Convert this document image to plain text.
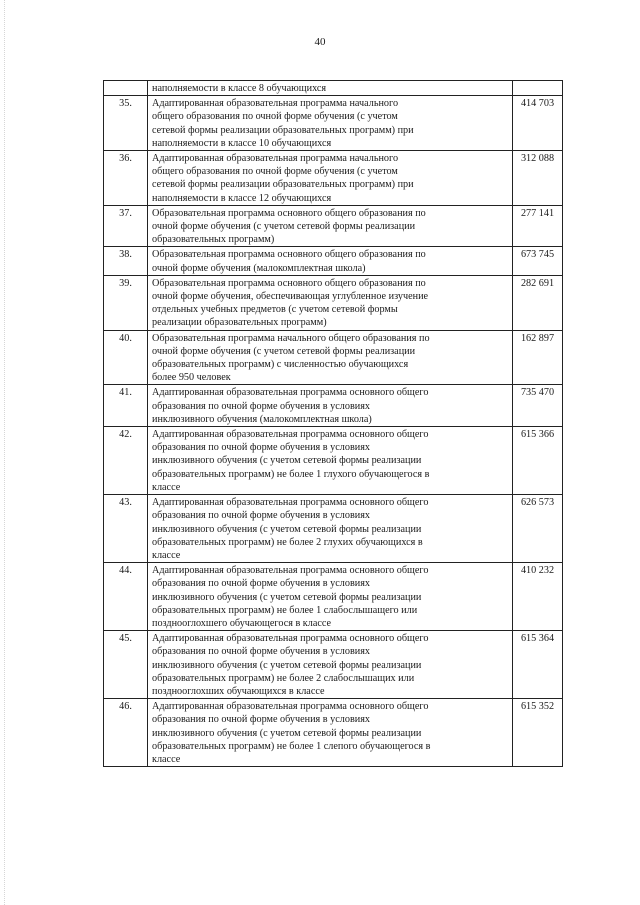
40

	наполняемости в классе 8 обучающихся	

35.	Адаптированная образовательная программа начального
общего образования по очной форме обучения (с учетом
сетевой формы реализации образовательных программ) при
наполняемости в классе 10 обучающихся	414 703
36.	Адаптированная образовательная программа начального
общего образования по очной форме обучения (с учетом
сетевой формы реализации образовательных программ) при
наполняемости в классе 12 обучающихся	312 088
37.	Образовательная программа основного общего образования по
очной форме обучения (с учетом сетевой формы реализации
образовательных программ)	277 141
38.	Образовательная программа основного общего образования по
очной форме обучения (малокомплектная школа)	673 745
39.	Образовательная программа основного общего образования по
очной форме обучения, обеспечивающая углубленное изучение
отдельных учебных предметов (с учетом сетевой формы
реализации образовательных программ)	282 691
40.	Образовательная программа начального общего образования по
очной форме обучения (с учетом сетевой формы реализации
образовательных программ) с численностью обучающихся
более 950 человек	162 897
41.	Адаптированная образовательная программа основного общего
образования по очной форме обучения в условиях
инклюзивного обучения (малокомплектная школа)	735 470
42.	Адаптированная образовательная программа основного общего
образования по очной форме обучения в условиях
инклюзивного обучения (с учетом сетевой формы реализации
образовательных программ) не более 1 глухого обучающегося в
классе	615 366
43.	Адаптированная образовательная программа основного общего
образования по очной форме обучения в условиях
инклюзивного обучения (с учетом сетевой формы реализации
образовательных программ) не более 2 глухих обучающихся в
классе	626 573
44.	Адаптированная образовательная программа основного общего
образования по очной форме обучения в условиях
инклюзивного обучения (с учетом сетевой формы реализации
образовательных программ) не более 1 слабослышащего или
позднооглохшего обучающегося в классе	410 232
45.	Адаптированная образовательная программа основного общего
образования по очной форме обучения в условиях
инклюзивного обучения (с учетом сетевой формы реализации
образовательных программ) не более 2 слабослышащих или
позднооглохших обучающихся в классе	615 364
46.	Адаптированная образовательная программа основного общего
образования по очной форме обучения в условиях
инклюзивного обучения (с учетом сетевой формы реализации
образовательных программ) не более 1 слепого обучающегося в
классе	615 352
